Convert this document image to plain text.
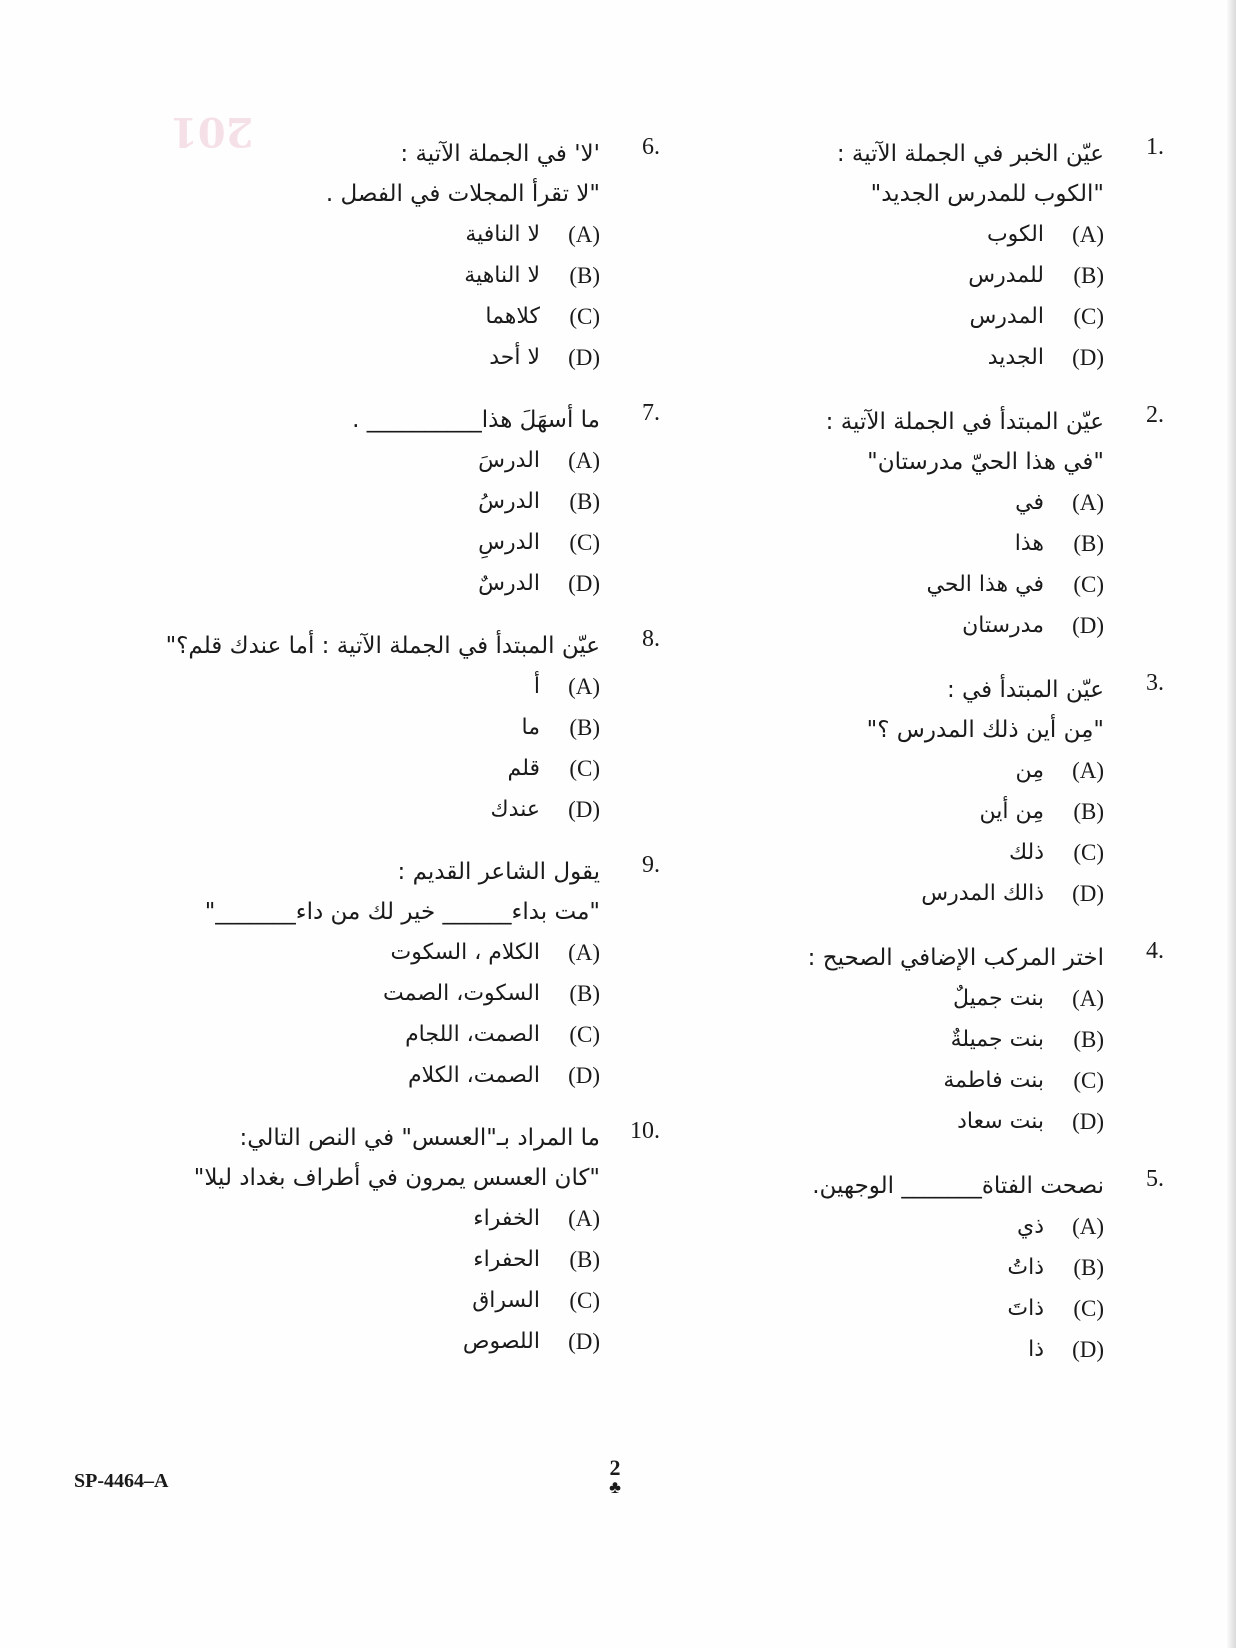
201	1.
عيّن الخبر في الجملة الآتية :
"الكوب للمدرس الجديد"
الكوب	(A)
للمدرس	(B)
المدرس	(C)
الجديد	(D)
2.
عيّن المبتدأ في الجملة الآتية :
"في هذا الحيّ مدرستان"
في	(A)
هذا	(B)
في هذا الحي	(C)
مدرستان	(D)
3.
عيّن المبتدأ في :
"مِن أين ذلك المدرس ؟"
مِن	(A)
مِن أين	(B)
ذلك	(C)
ذالك المدرس	(D)
4.
اختر المركب الإضافي الصحيح :
بنت جميلٌ	(A)
بنت جميلةٌ	(B)
بنت فاطمة	(C)
بنت سعاد	(D)
5.
نصحت الفتاة_______ الوجهين.
ذي	(A)
ذاتُ	(B)
ذاتَ	(C)
ذا	(D)
6.
'لا' في الجملة الآتية :
"لا تقرأ المجلات في الفصل .
لا النافية	(A)
لا الناهية	(B)
كلاهما	(C)
لا أحد	(D)
7.
ما أسهَلَ هذا__________ .
الدرسَ	(A)
الدرسُ	(B)
الدرسِ	(C)
الدرسٌ	(D)
8.
عيّن المبتدأ في الجملة الآتية : أما عندك قلم؟"
أ	(A)
ما	(B)
قلم	(C)
عندك	(D)
9.
يقول الشاعر القديم :
"مت بداء______ خير لك من داء_______"
الكلام ، السكوت	(A)
السكوت، الصمت	(B)
الصمت، اللجام	(C)
الصمت، الكلام	(D)
10.
ما المراد بـ"العسس" في النص التالي:
"كان العسس يمرون في أطراف بغداد ليلا"
الخفراء	(A)
الحفراء	(B)
السراق	(C)
اللصوص	(D)
SP-4464–A
2
♣
